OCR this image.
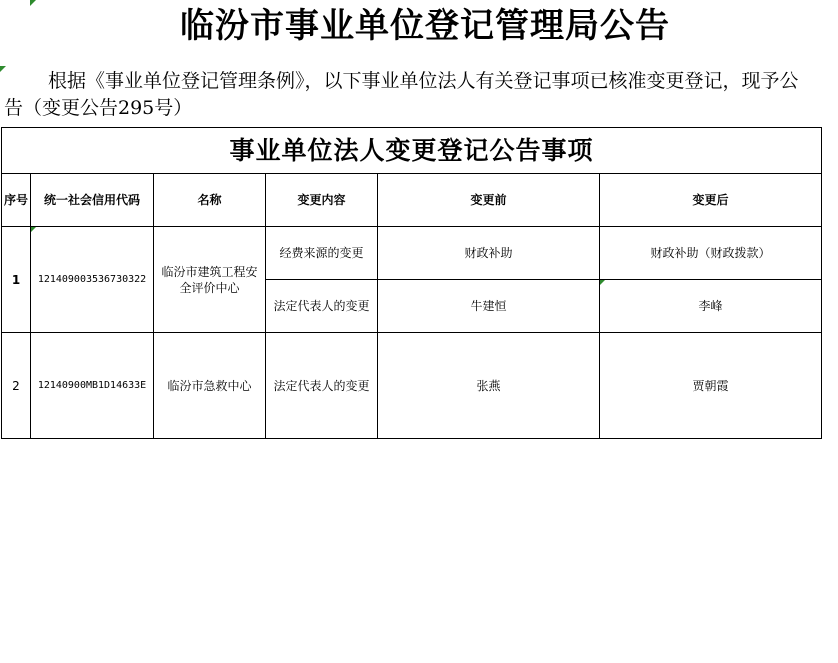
临汾市事业单位登记管理局公告
根据《事业单位登记管理条例》，以下事业单位法人有关登记事项已核准变更登记，现予公告（变更公告295号）
事业单位法人变更登记公告事项					
序号	统一社会信用代码	名称	变更内容	变更前	变更后
1	121409003536730322	临汾市建筑工程安全评价中心	经费来源的变更	财政补助	财政补助（财政拨款）
			法定代表人的变更	牛建恒	李峰
2	12140900MB1D14633E	临汾市急救中心	法定代表人的变更	张燕	贾朝霞
